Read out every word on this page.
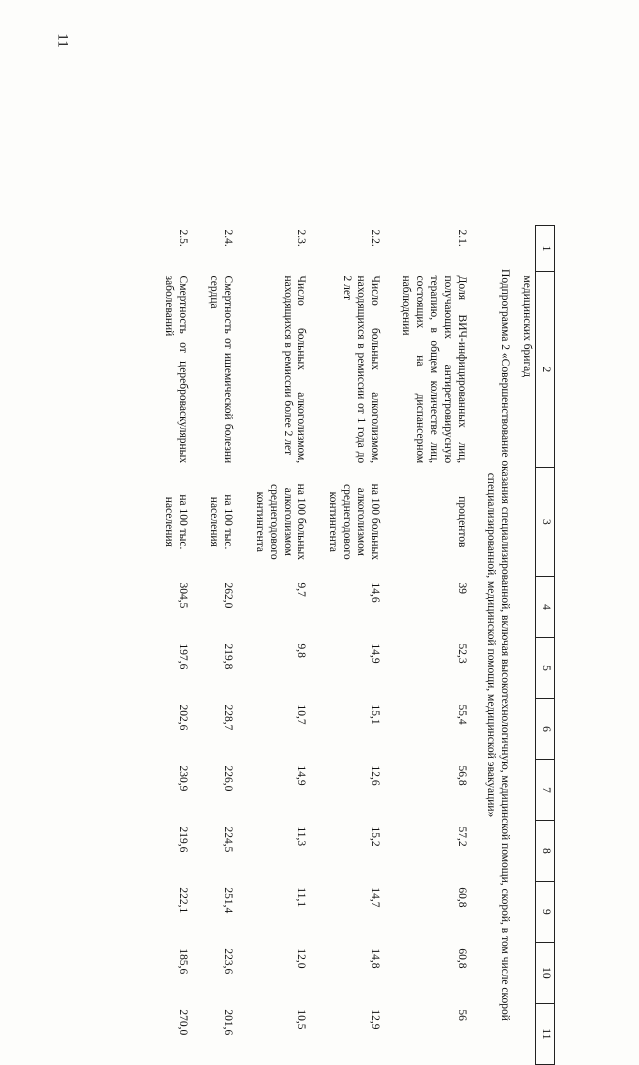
11
1	2	3	4	5	6	7	8	9	10	11
	медицинских бригад									
Подпрограмма 2 «Совершенствование оказания специализированной, включая высокотехнологичную, медицинской помощи, скорой, в том числе скорой специализированной, медицинской помощи, медицинской эвакуации»										
2.1.	Доля ВИЧ-инфицированных лиц, получающих антиретровирусную терапию, в общем количестве лиц, состоящих на диспансерном наблюдении	процентов	39	52,3	55,4	56,8	57,2	60,8	60,8	56
2.2.	Число больных алкоголизмом, находящихся в ремиссии от 1 года до 2 лет	на 100 больных алкоголизмом среднегодового контингента	14,6	14,9	15,1	12,6	15,2	14,7	14,8	12,9
2.3.	Число больных алкоголизмом, находящихся в ремиссии более 2 лет	на 100 больных алкоголизмом среднегодового контингента	9,7	9,8	10,7	14,9	11,3	11,1	12,0	10,5
2.4.	Смертность от ишемической болезни сердца	на 100 тыс. населения	262,0	219,8	228,7	226,0	224,5	251,4	223,6	201,6
2.5.	Смертность от цереброваскулярных заболеваний	на 100 тыс. населения	304,5	197,6	202,6	230,9	219,6	222,1	185,6	270,0
